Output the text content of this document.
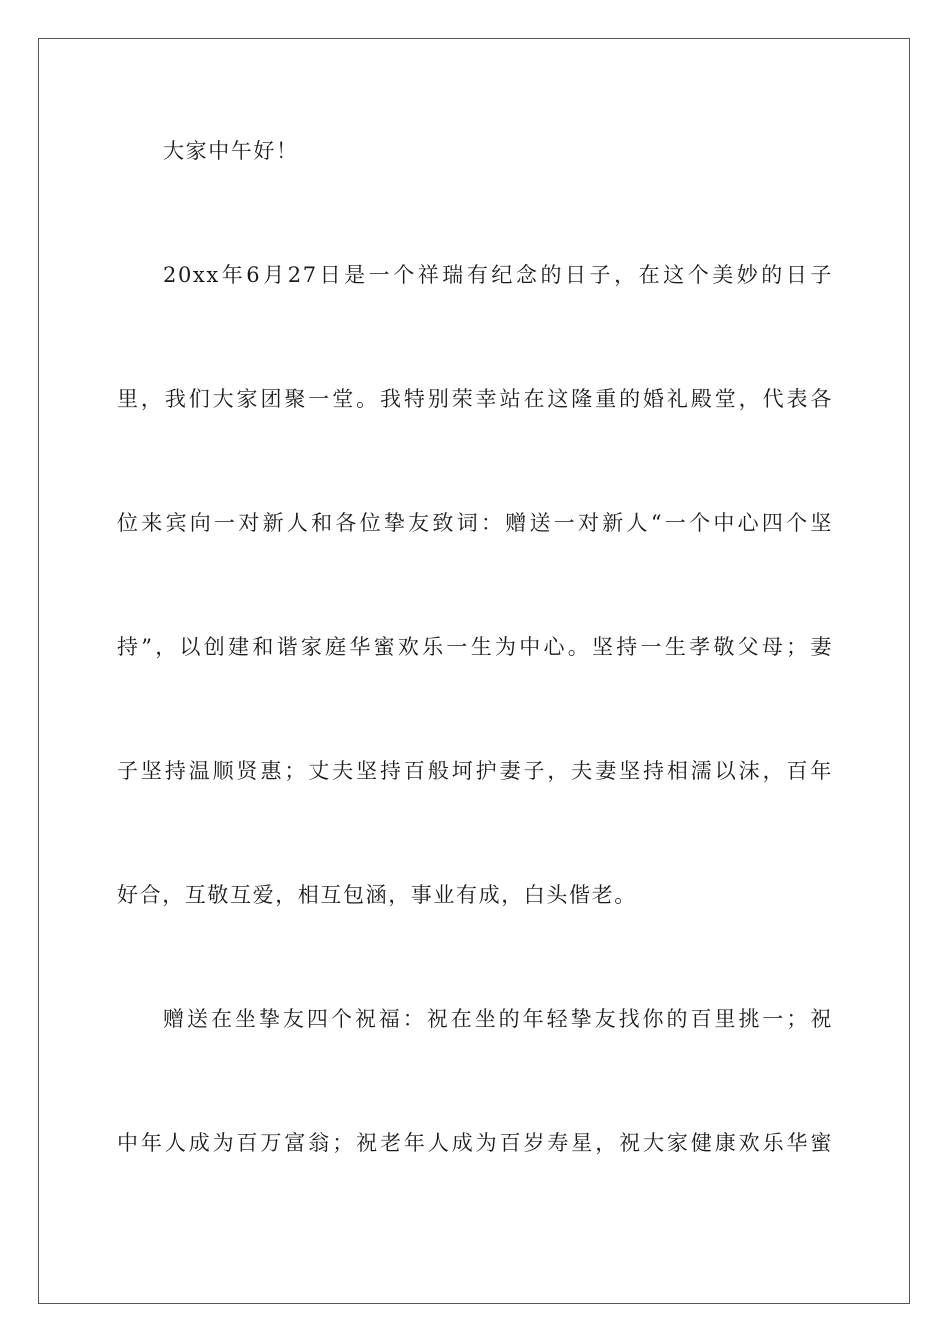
大家中午好！
20xx年6月27日是一个祥瑞有纪念的日子，在这个美妙的日子
里，我们大家团聚一堂。我特别荣幸站在这隆重的婚礼殿堂，代表各
位来宾向一对新人和各位挚友致词：赠送一对新人“一个中心四个坚
持”，以创建和谐家庭华蜜欢乐一生为中心。坚持一生孝敬父母；妻
子坚持温顺贤惠；丈夫坚持百般坷护妻子，夫妻坚持相濡以沫，百年
好合，互敬互爱，相互包涵，事业有成，白头偕老。
赠送在坐挚友四个祝福：祝在坐的年轻挚友找你的百里挑一；祝
中年人成为百万富翁；祝老年人成为百岁寿星，祝大家健康欢乐华蜜
